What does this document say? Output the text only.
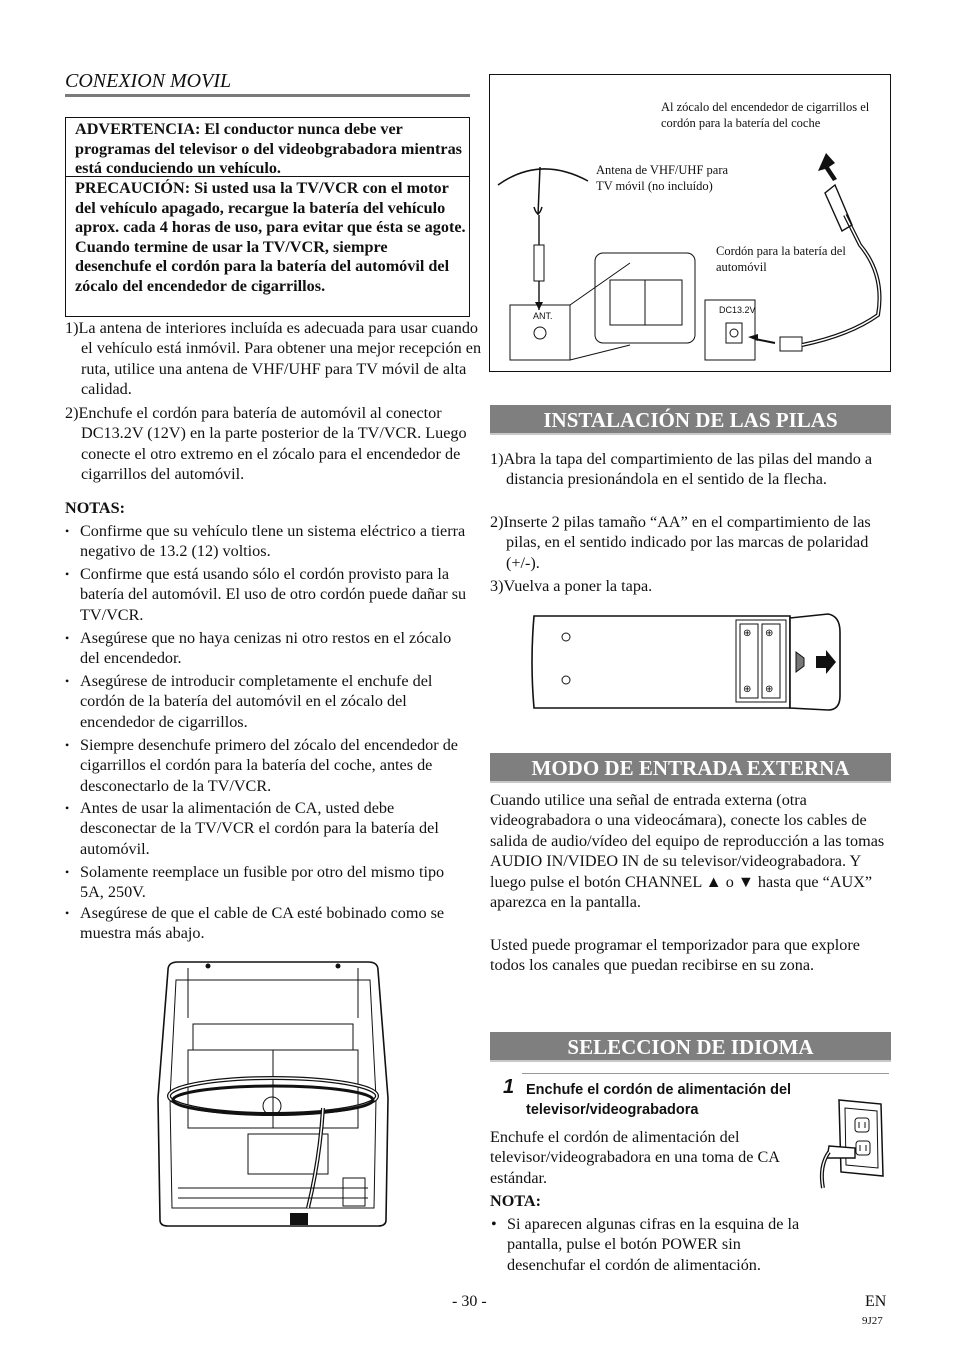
CONEXION MOVIL
ADVERTENCIA: El conductor nunca debe ver programas del televisor o del videobgrabadora mientras está conduciendo un vehículo.
PRECAUCIÓN: Si usted usa la TV/VCR con el motor del vehículo apagado, recargue la batería del vehículo aprox. cada 4 horas de uso, para evitar que ésta se agote. Cuando termine de usar la TV/VCR, siempre desenchufe el cordón para la batería del automóvil del zócalo del encendedor de cigarrillos.
1)La antena de interiores incluída es adecuada para usar cuando el vehículo está inmóvil. Para obtener una mejor recepción en ruta, utilice una antena de VHF/UHF para TV móvil de alta calidad.
2)Enchufe el cordón para batería de automóvil al conector DC13.2V (12V) en la parte posterior de la TV/VCR. Luego conecte el otro extremo en el zócalo para el encendedor de cigarrillos del automóvil.
NOTAS:
• Confirme que su vehículo tlene un sistema eléctrico a tierra negativo de 13.2 (12) voltios.
• Confirme que está usando sólo el cordón provisto para la batería del automóvil. El uso de otro cordón puede dañar su TV/VCR.
• Asegúrese que no haya cenizas ni otro restos en el zócalo del encendedor.
• Asegúrese de introducir completamente el enchufe del cordón de la batería del automóvil en el zócalo del encendedor de cigarrillos.
• Siempre desenchufe primero del zócalo del encendedor de cigarrillos el cordón para la batería del coche, antes de desconectarlo de la TV/VCR.
• Antes de usar la alimentación de CA, usted debe desconectar de la TV/VCR el cordón para la batería del automóvil.
• Solamente reemplace un fusible por otro del mismo tipo 5A, 250V.
• Asegúrese de que el cable de CA esté bobinado como se muestra más abajo.
Al zócalo del encendedor de cigarrillos el cordón para la batería del coche
Antena de VHF/UHF para TV móvil (no incluído)
Cordón para la batería del automóvil
ANT.
DC13.2V
INSTALACIÓN DE LAS PILAS
1)Abra la tapa del compartimiento de las pilas del mando a distancia presionándola en el sentido de la flecha.
2)Inserte 2 pilas tamaño “AA” en el compartimiento de las pilas, en el sentido indicado por las marcas de polaridad (+/-).
3)Vuelva a poner la tapa.
⊕ ⊕
⊕ ⊕
MODO DE ENTRADA EXTERNA
Cuando utilice una señal de entrada externa (otra videograbadora o una videocámara), conecte los cables de salida de audio/vídeo del equipo de reproducción a las tomas AUDIO IN/VIDEO IN de su televisor/videograbadora. Y luego pulse el botón CHANNEL ▲ o ▼ hasta que “AUX” aparezca en la pantalla.
Usted puede programar el temporizador para que explore todos los canales que puedan recibirse en su zona.
SELECCION DE IDIOMA
1 Enchufe el cordón de alimentación del televisor/videograbadora
Enchufe el cordón de alimentación del televisor/videograbadora en una toma de CA estándar.
NOTA:
• Si aparecen algunas cifras en la esquina de la pantalla, pulse el botón POWER sin desenchufar el cordón de alimentación.
- 30 -	EN
9J27
